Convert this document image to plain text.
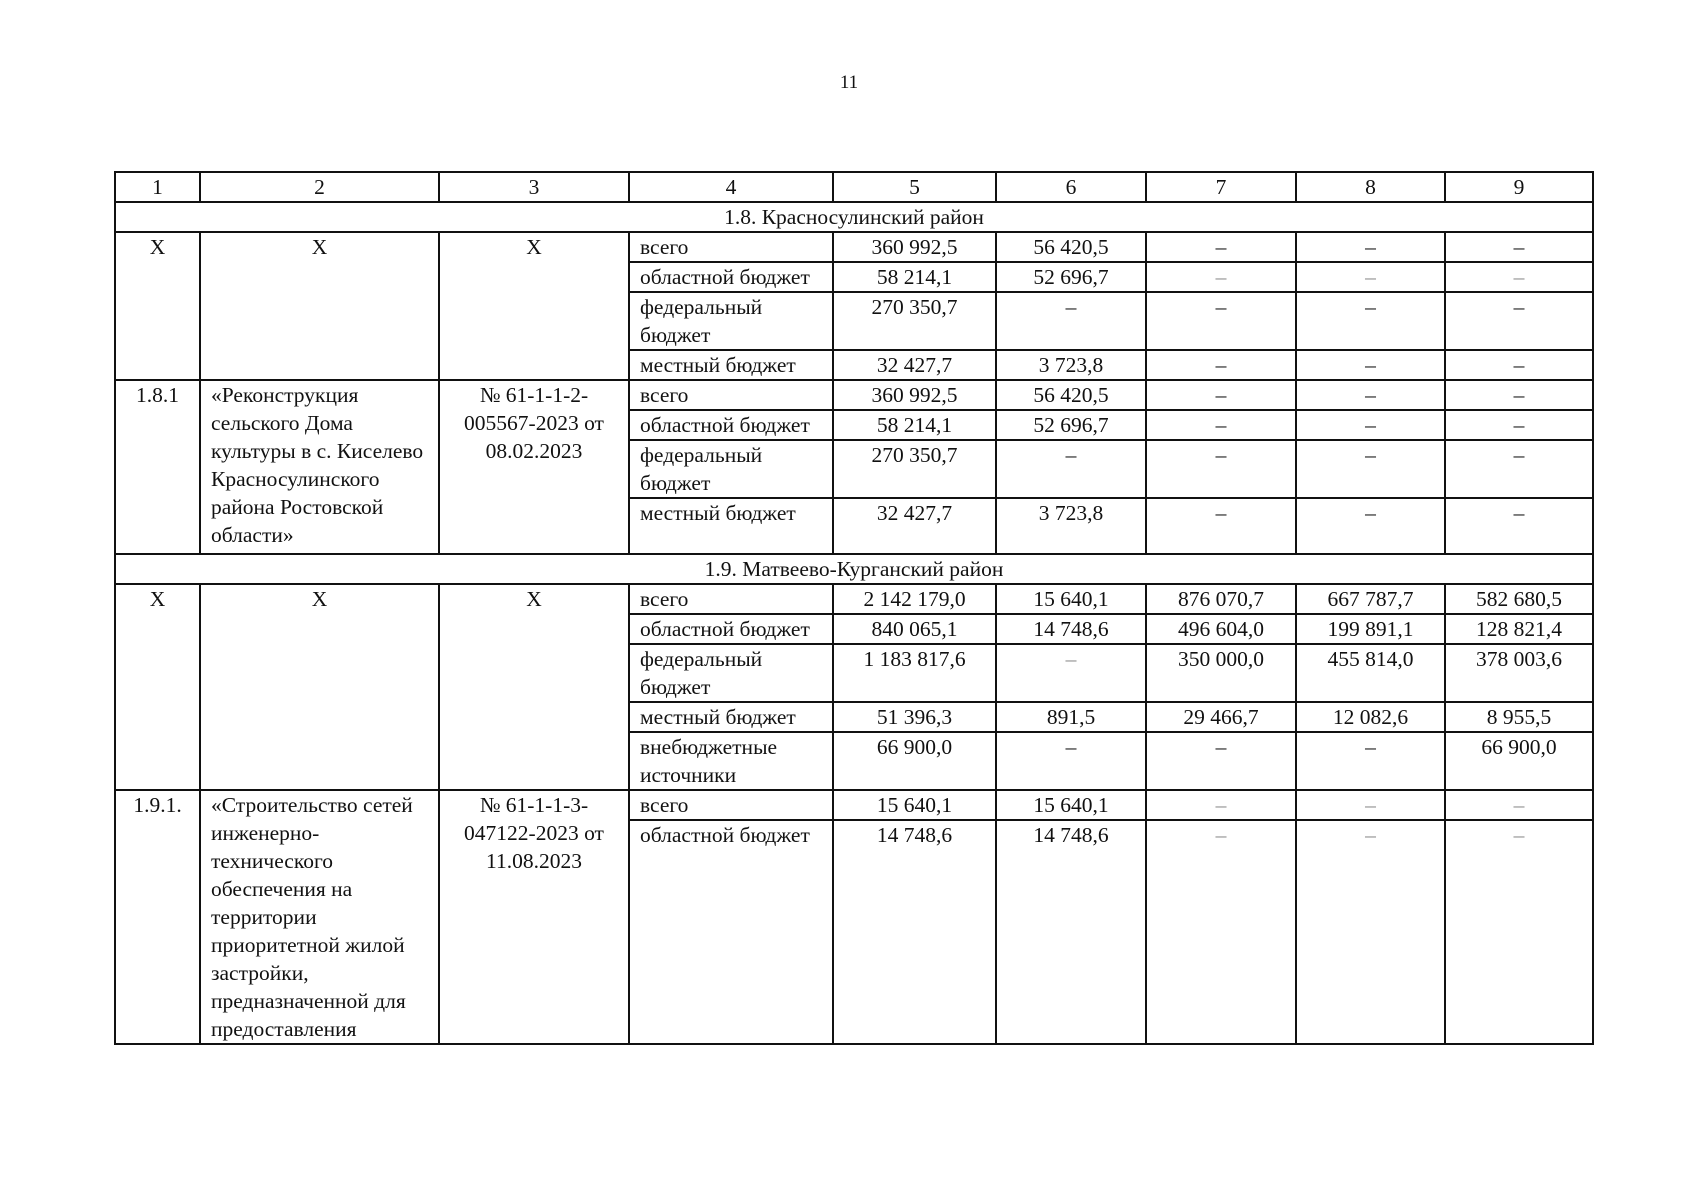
11
1	2	3	4	5	6	7	8	9
1.8. Красносулинский район								
Х	Х	Х	всего	360 992,5	56 420,5	–	–	–
			областной бюджет	58 214,1	52 696,7	–	–	–
			федеральный бюджет	270 350,7	–	–	–	–
			местный бюджет	32 427,7	3 723,8	–	–	–
1.8.1	«Реконструкция сельского Дома культуры в с. Киселево Красносулинского района Ростовской области»	№ 61-1-1-2-005567-2023 от 08.02.2023	всего	360 992,5	56 420,5	–	–	–
			областной бюджет	58 214,1	52 696,7	–	–	–
			федеральный бюджет	270 350,7	–	–	–	–
			местный бюджет	32 427,7	3 723,8	–	–	–
1.9. Матвеево-Курганский район								
Х	Х	Х	всего	2 142 179,0	15 640,1	876 070,7	667 787,7	582 680,5
			областной бюджет	840 065,1	14 748,6	496 604,0	199 891,1	128 821,4
			федеральный бюджет	1 183 817,6	–	350 000,0	455 814,0	378 003,6
			местный бюджет	51 396,3	891,5	29 466,7	12 082,6	8 955,5
			внебюджетные источники	66 900,0	–	–	–	66 900,0
1.9.1.	«Строительство сетей инженерно-технического обеспечения на территории приоритетной жилой застройки, предназначенной для предоставления	№ 61-1-1-3-047122-2023 от 11.08.2023	всего	15 640,1	15 640,1	–	–	–
			областной бюджет	14 748,6	14 748,6	–	–	–
